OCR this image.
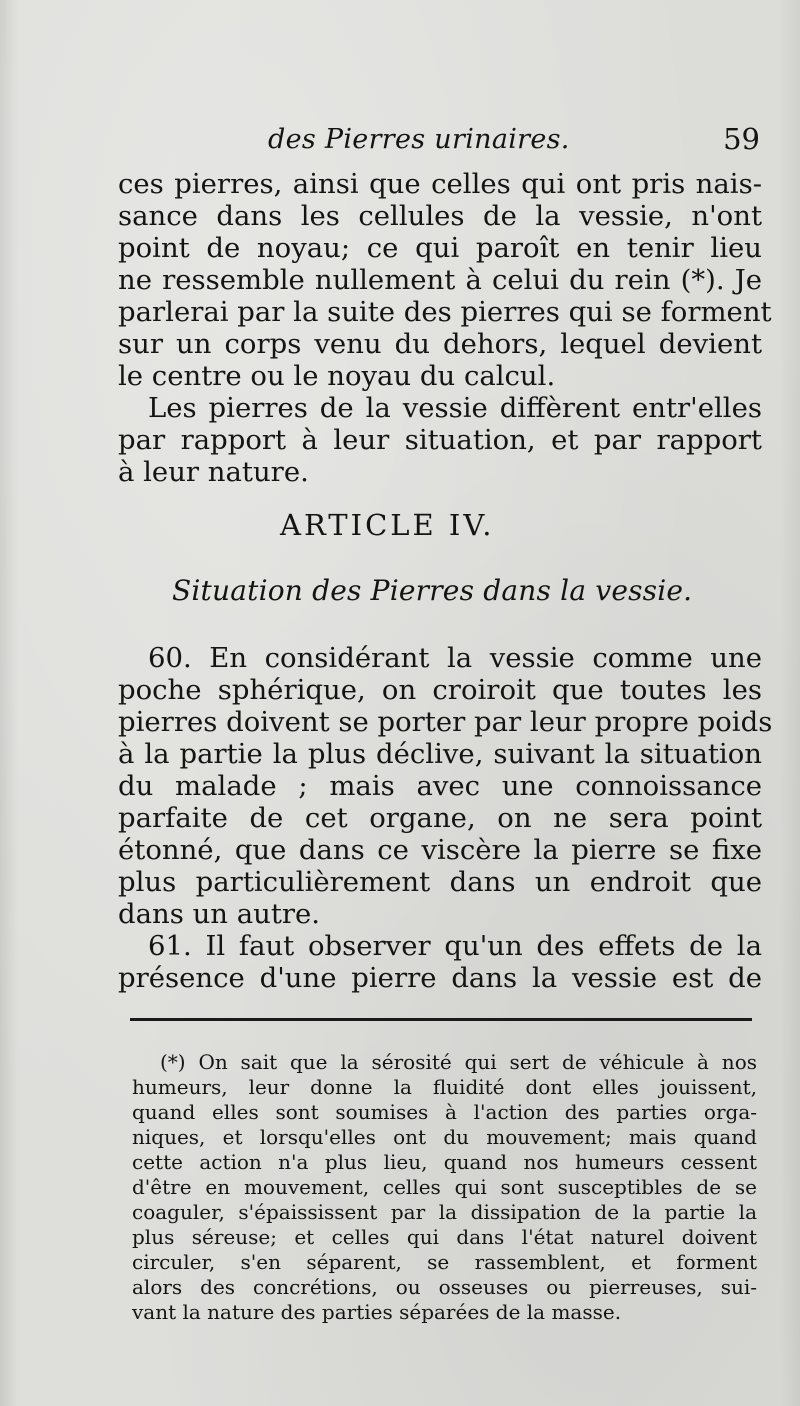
des Pierres urinaires.	59
ces pierres, ainsi que celles qui ont pris nais-
sance dans les cellules de la vessie, n'ont
point de noyau; ce qui paroît en tenir lieu
ne ressemble nullement à celui du rein (*). Je
parlerai par la suite des pierres qui se forment
sur un corps venu du dehors, lequel devient
le centre ou le noyau du calcul.
Les pierres de la vessie diffèrent entr'elles
par rapport à leur situation, et par rapport
à leur nature.
ARTICLE IV.
Situation des Pierres dans la vessie.
60. En considérant la vessie comme une
poche sphérique, on croiroit que toutes les
pierres doivent se porter par leur propre poids
à la partie la plus déclive, suivant la situation
du malade ; mais avec une connoissance
parfaite de cet organe, on ne sera point
étonné, que dans ce viscère la pierre se fixe
plus particulièrement dans un endroit que
dans un autre.
61. Il faut observer qu'un des effets de la
présence d'une pierre dans la vessie est de
(*) On sait que la sérosité qui sert de véhicule à nos
humeurs, leur donne la fluidité dont elles jouissent,
quand elles sont soumises à l'action des parties orga-
niques, et lorsqu'elles ont du mouvement; mais quand
cette action n'a plus lieu, quand nos humeurs cessent
d'être en mouvement, celles qui sont susceptibles de se
coaguler, s'épaississent par la dissipation de la partie la
plus séreuse; et celles qui dans l'état naturel doivent
circuler, s'en séparent, se rassemblent, et forment
alors des concrétions, ou osseuses ou pierreuses, sui-
vant la nature des parties séparées de la masse.
